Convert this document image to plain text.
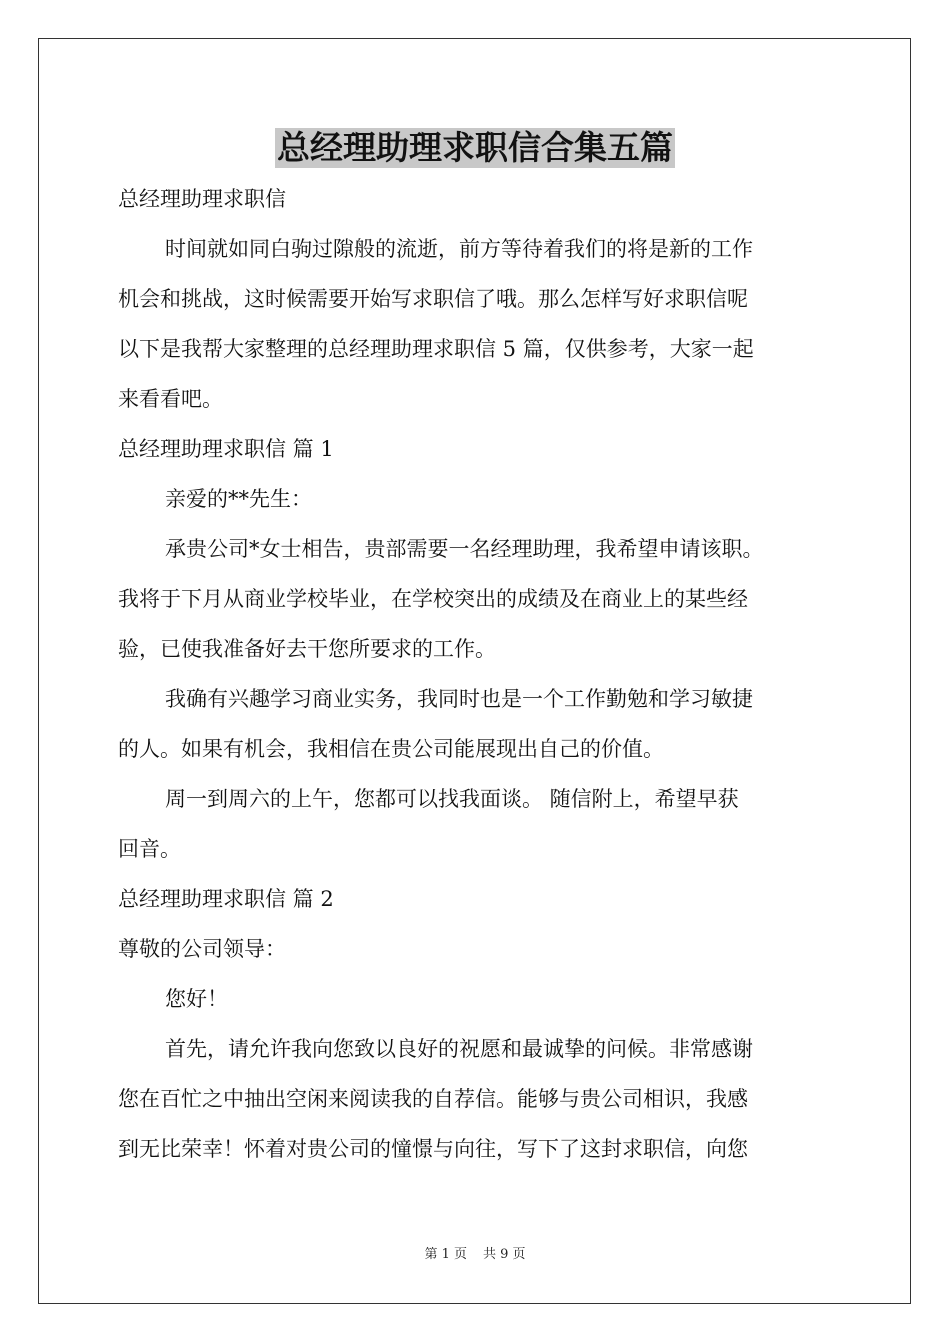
总经理助理求职信合集五篇
总经理助理求职信
时间就如同白驹过隙般的流逝，前方等待着我们的将是新的工作
机会和挑战，这时候需要开始写求职信了哦。那么怎样写好求职信呢
以下是我帮大家整理的总经理助理求职信 5 篇，仅供参考，大家一起
来看看吧。
总经理助理求职信 篇 1
亲爱的**先生：
承贵公司*女士相告，贵部需要一名经理助理，我希望申请该职。
我将于下月从商业学校毕业，在学校突出的成绩及在商业上的某些经
验，已使我准备好去干您所要求的工作。
我确有兴趣学习商业实务，我同时也是一个工作勤勉和学习敏捷
的人。如果有机会，我相信在贵公司能展现出自己的价值。
周一到周六的上午，您都可以找我面谈。 随信附上，希望早获
回音。
总经理助理求职信 篇 2
尊敬的公司领导：
您好！
首先，请允许我向您致以良好的祝愿和最诚挚的问候。非常感谢
您在百忙之中抽出空闲来阅读我的自荐信。能够与贵公司相识，我感
到无比荣幸！怀着对贵公司的憧憬与向往，写下了这封求职信，向您
第 1 页 共 9 页
